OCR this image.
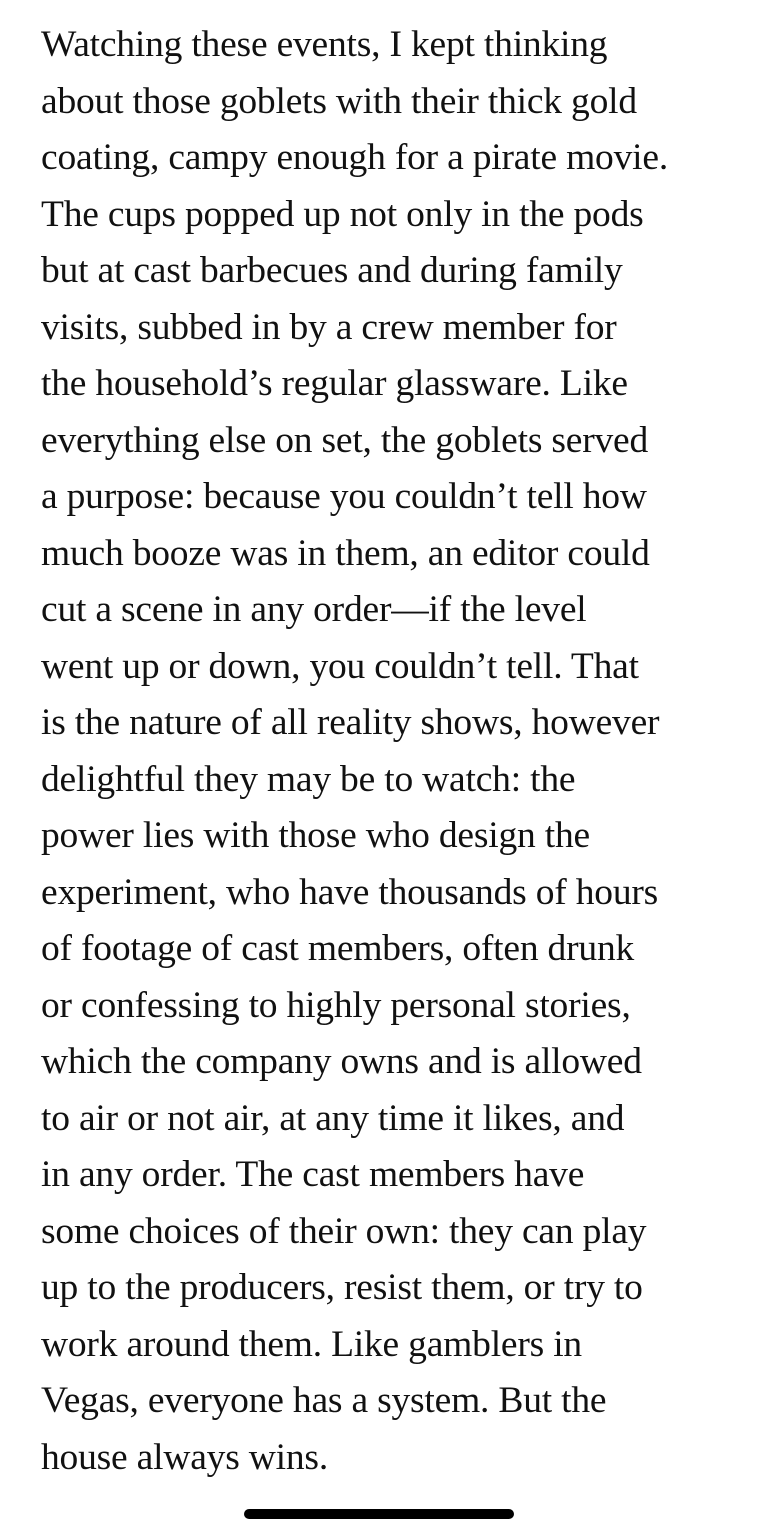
Watching these events, I kept thinking
about those goblets with their thick gold
coating, campy enough for a pirate movie.
The cups popped up not only in the pods
but at cast barbecues and during family
visits, subbed in by a crew member for
the household’s regular glassware. Like
everything else on set, the goblets served
a purpose: because you couldn’t tell how
much booze was in them, an editor could
cut a scene in any order—if the level
went up or down, you couldn’t tell. That
is the nature of all reality shows, however
delightful they may be to watch: the
power lies with those who design the
experiment, who have thousands of hours
of footage of cast members, often drunk
or confessing to highly personal stories,
which the company owns and is allowed
to air or not air, at any time it likes, and
in any order. The cast members have
some choices of their own: they can play
up to the producers, resist them, or try to
work around them. Like gamblers in
Vegas, everyone has a system. But the
house always wins.
